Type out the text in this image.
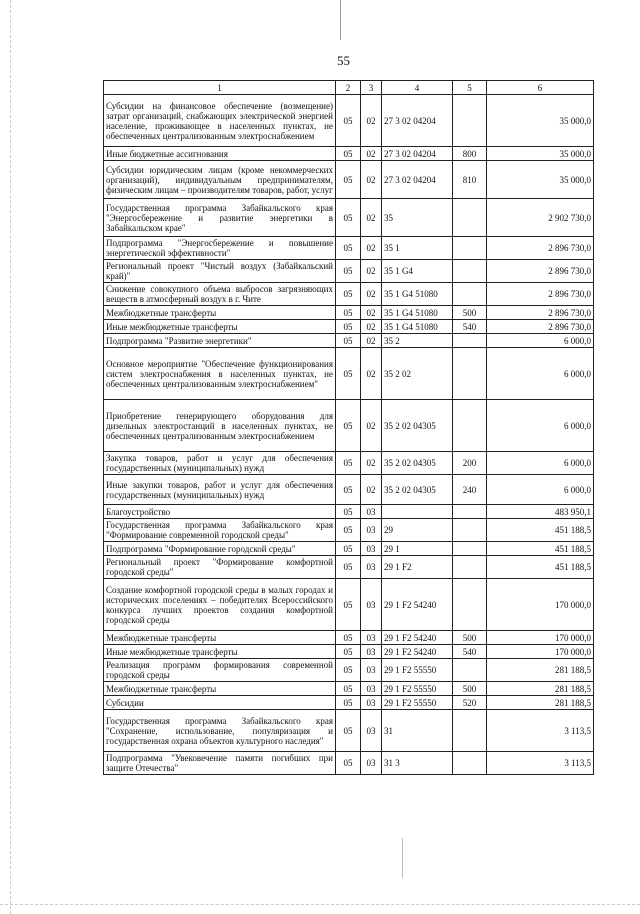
55
1	2	3	4	5	6
Субсидии на финансовое обеспечение (возмещение) затрат организаций, снабжающих электрической энергией население, проживающее в населенных пунктах, не обеспеченных централизованным электроснабжением	05	02	27 3 02 04204		35 000,0
Иные бюджетные ассигнования	05	02	27 3 02 04204	800	35 000,0
Субсидии юридическим лицам (кроме некоммерческих организаций), индивидуальным предпринимателям, физическим лицам – производителям товаров, работ, услуг	05	02	27 3 02 04204	810	35 000,0
Государственная программа Забайкальского края "Энергосбережение и развитие энергетики в Забайкальском крае"	05	02	35		2 902 730,0
Подпрограмма "Энергосбережение и повышение энергетической эффективности"	05	02	35 1		2 896 730,0
Региональный проект "Чистый воздух (Забайкальский край)"	05	02	35 1 G4		2 896 730,0
Снижение совокупного объема выбросов загрязняющих веществ в атмосферный воздух в г. Чите	05	02	35 1 G4 51080		2 896 730,0
Межбюджетные трансферты	05	02	35 1 G4 51080	500	2 896 730,0
Иные межбюджетные трансферты	05	02	35 1 G4 51080	540	2 896 730,0
Подпрограмма "Развитие энергетики"	05	02	35 2		6 000,0
Основное мероприятие "Обеспечение функционирования систем электроснабжения в населенных пунктах, не обеспеченных централизованным электроснабжением"	05	02	35 2 02		6 000,0
Приобретение генерирующего оборудования для дизельных электростанций в населенных пунктах, не обеспеченных централизованным электроснабжением	05	02	35 2 02 04305		6 000,0
Закупка товаров, работ и услуг для обеспечения государственных (муниципальных) нужд	05	02	35 2 02 04305	200	6 000,0
Иные закупки товаров, работ и услуг для обеспечения государственных (муниципальных) нужд	05	02	35 2 02 04305	240	6 000,0
Благоустройство	05	03			483 950,1
Государственная программа Забайкальского края "Формирование современной городской среды"	05	03	29		451 188,5
Подпрограмма "Формирование городской среды"	05	03	29 1		451 188,5
Региональный проект "Формирование комфортной городской среды"	05	03	29 1 F2		451 188,5
Создание комфортной городской среды в малых городах и исторических поселениях – победителях Всероссийского конкурса лучших проектов создания комфортной городской среды	05	03	29 1 F2 54240		170 000,0
Межбюджетные трансферты	05	03	29 1 F2 54240	500	170 000,0
Иные межбюджетные трансферты	05	03	29 1 F2 54240	540	170 000,0
Реализация программ формирования современной городской среды	05	03	29 1 F2 55550		281 188,5
Межбюджетные трансферты	05	03	29 1 F2 55550	500	281 188,5
Субсидии	05	03	29 1 F2 55550	520	281 188,5
Государственная программа Забайкальского края "Сохранение, использование, популяризация и государственная охрана объектов культурного наследия"	05	03	31		3 113,5
Подпрограмма "Увековечение памяти погибших при защите Отечества"	05	03	31 3		3 113,5
